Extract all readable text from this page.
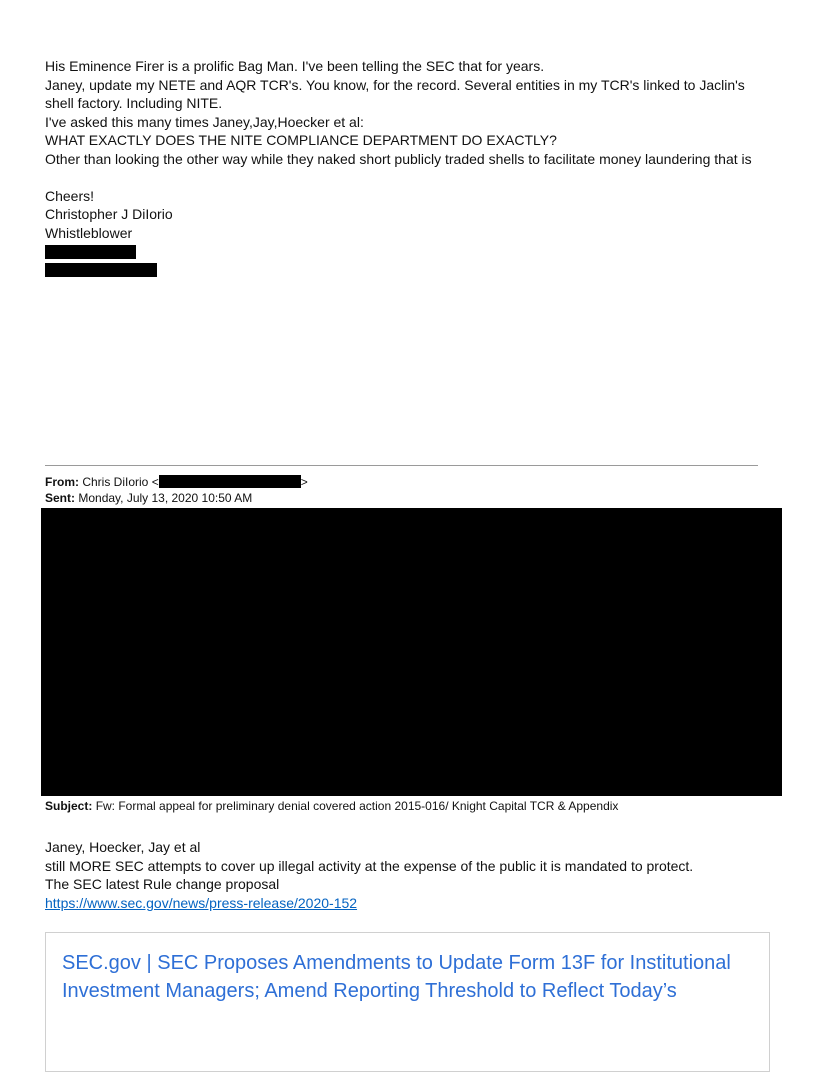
His Eminence Firer is a prolific Bag Man. I've been telling the SEC that for years.

Janey, update my NETE and AQR TCR's. You know, for the record. Several entities in my TCR's linked to Jaclin's shell factory. Including NITE.

I've asked this many times Janey,Jay,Hoecker et al:

WHAT EXACTLY DOES THE NITE COMPLIANCE DEPARTMENT DO EXACTLY?

Other than looking the other way while they naked short publicly traded shells to facilitate money laundering that is

Cheers!

Christopher J DiIorio

Whistleblower

From: Chris DiIorio <	>

Sent: Monday, July 13, 2020 10:50 AM

Subject: Fw: Formal appeal for preliminary denial covered action 2015-016/ Knight Capital TCR & Appendix

Janey, Hoecker, Jay et al

still MORE SEC attempts to cover up illegal activity at the expense of the public it is mandated to protect.

The SEC latest Rule change proposal

https://www.sec.gov/news/press-release/2020-152

SEC.gov | SEC Proposes Amendments to Update Form 13F for Institutional Investment Managers; Amend Reporting Threshold to Reflect Today’s
